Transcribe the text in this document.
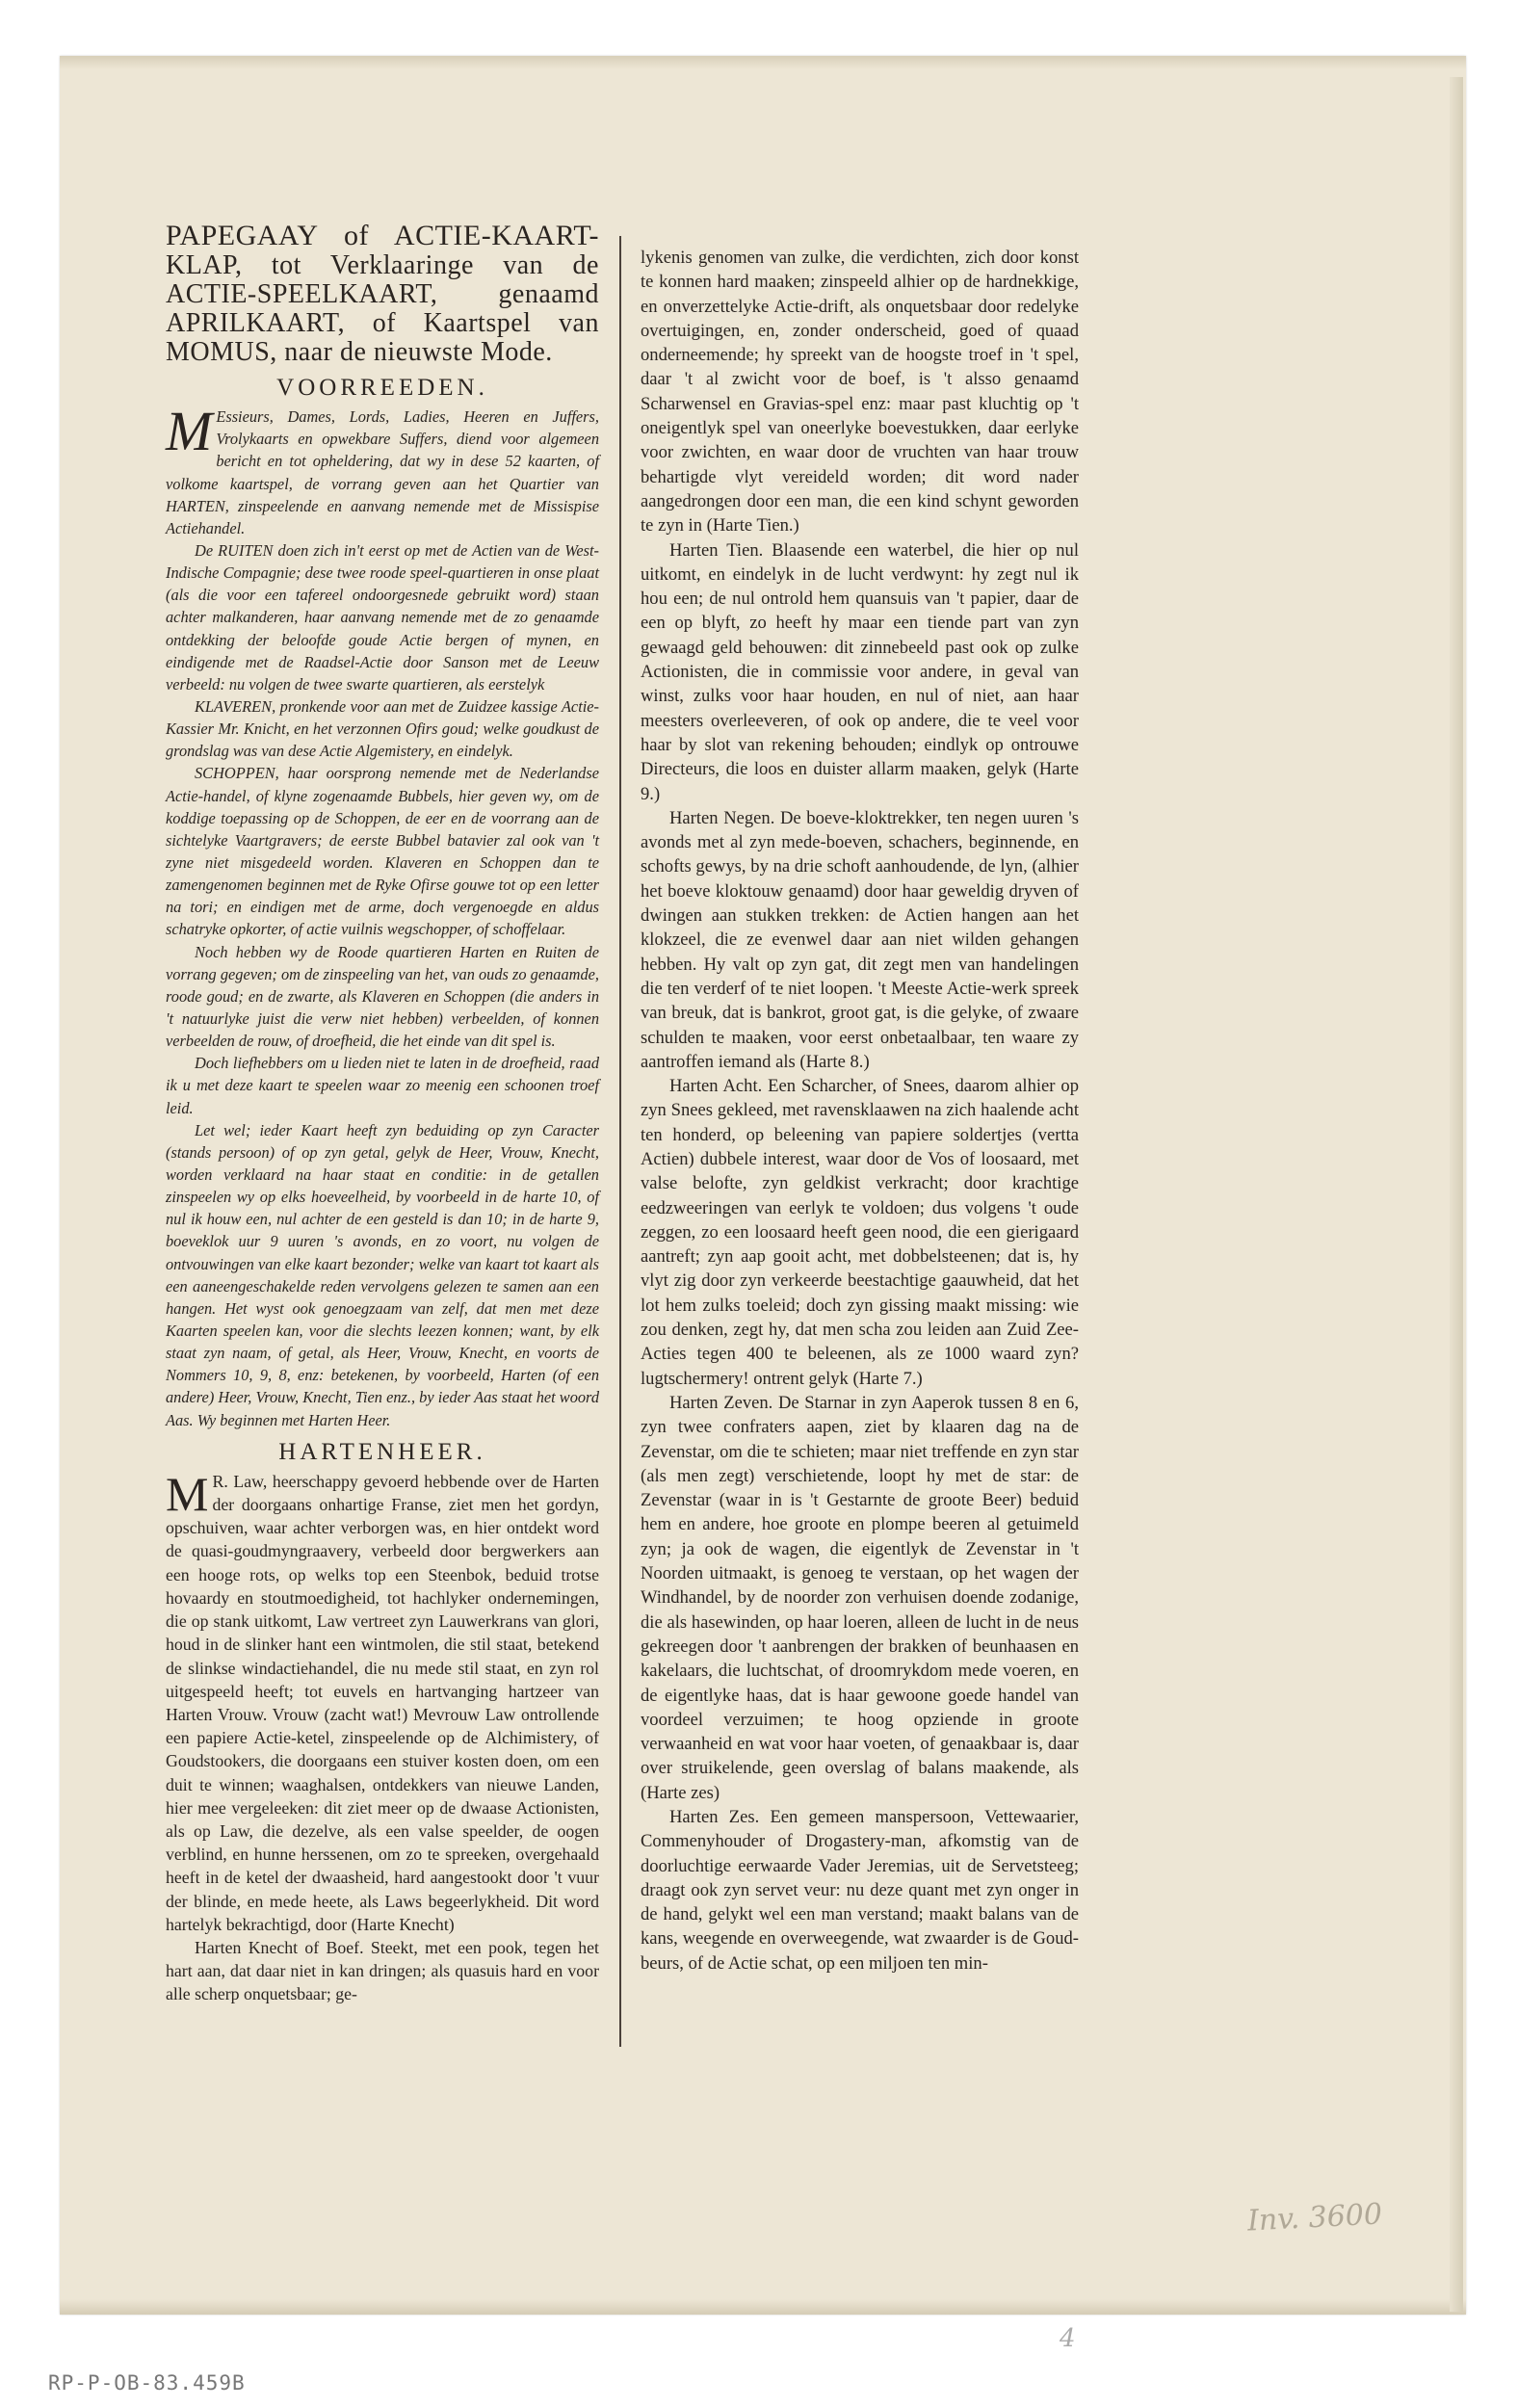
PAPEGAAY of ACTIE-KAART- KLAP, tot Verklaaringe van de ACTIE-SPEELKAART, genaamd APRILKAART, of Kaartspel van MOMUS, naar de nieuwste Mode.
VOORREEDEN.
M Essieurs, Dames, Lords, Ladies, Heeren en Juffers, Vrolykaarts en opwekbare Suffers, diend voor algemeen bericht en tot opheldering, dat wy in dese 52 kaarten, of volkome kaartspel, de vorrang geven aan het Quartier van HARTEN, zinspeelende en aanvang nemende met de Missispise Actiehandel.

De RUITEN doen zich in't eerst op met de Actien van de West-Indische Compagnie; dese twee roode speel-quartieren in onse plaat (als die voor een tafereel ondoorgesnede gebruikt word) staan achter malkanderen, haar aanvang nemende met de zo genaamde ontdekking der beloofde goude Actie bergen of mynen, en eindigende met de Raadsel-Actie door Sanson met de Leeuw verbeeld: nu volgen de twee swarte quartieren, als eerstelyk

KLAVEREN, pronkende voor aan met de Zuidzee kassige Actie-Kassier Mr. Knicht, en het verzonnen Ofirs goud; welke goudkust de grondslag was van dese Actie Algemistery, en eindelyk.

SCHOPPEN, haar oorsprong nemende met de Nederlandse Actie-handel, of klyne zogenaamde Bubbels, hier geven wy, om de koddige toepassing op de Schoppen, de eer en de voorrang aan de sichtelyke Vaartgravers; de eerste Bubbel batavier zal ook van 't zyne niet misgedeeld worden. Klaveren en Schoppen dan te zamengenomen beginnen met de Ryke Ofirse gouwe tot op een letter na tori; en eindigen met de arme, doch vergenoegde en aldus schatryke opkorter, of actie vuilnis wegschopper, of schoffelaar.

Noch hebben wy de Roode quartieren Harten en Ruiten de vorrang gegeven; om de zinspeeling van het, van ouds zo genaamde, roode goud; en de zwarte, als Klaveren en Schoppen (die anders in 't natuurlyke juist die verw niet hebben) verbeelden, of konnen verbeelden de rouw, of droefheid, die het einde van dit spel is.

Doch liefhebbers om u lieden niet te laten in de droefheid, raad ik u met deze kaart te speelen waar zo meenig een schoonen troef leid.

Let wel; ieder Kaart heeft zyn beduiding op zyn Caracter (stands persoon) of op zyn getal, gelyk de Heer, Vrouw, Knecht, worden verklaard na haar staat en conditie: in de getallen zinspeelen wy op elks hoeveelheid, by voorbeeld in de harte 10, of nul ik houw een, nul achter de een gesteld is dan 10; in de harte 9, boeveklok uur 9 uuren 's avonds, en zo voort, nu volgen de ontvouwingen van elke kaart bezonder; welke van kaart tot kaart als een aaneengeschakelde reden vervolgens gelezen te samen aan een hangen. Het wyst ook genoegzaam van zelf, dat men met deze Kaarten speelen kan, voor die slechts leezen konnen; want, by elk staat zyn naam, of getal, als Heer, Vrouw, Knecht, en voorts de Nommers 10, 9, 8, enz: betekenen, by voorbeeld, Harten (of een andere) Heer, Vrouw, Knecht, Tien enz., by ieder Aas staat het woord Aas. Wy beginnen met Harten Heer.

HARTENHEER.
M R. Law, heerschappy gevoerd hebbende over de Harten der doorgaans onhartige Franse, ziet men het gordyn, opschuiven, waar achter verborgen was, en hier ontdekt word de quasi-goudmyngraavery, verbeeld door bergwerkers aan een hooge rots, op welks top een Steenbok, beduid trotse hovaardy en stoutmoedigheid, tot hachlyker ondernemingen, die op stank uitkomt, Law vertreet zyn Lauwerkrans van glori, houd in de slinker hant een wintmolen, die stil staat, betekend de slinkse windactiehandel, die nu mede stil staat, en zyn rol uitgespeeld heeft; tot euvels en hartvanging hartzeer van Harten Vrouw. Vrouw (zacht wat!) Mevrouw Law ontrollende een papiere Actie-ketel, zinspeelende op de Alchimistery, of Goudstookers, die doorgaans een stuiver kosten doen, om een duit te winnen; waaghalsen, ontdekkers van nieuwe Landen, hier mee vergeleeken: dit ziet meer op de dwaase Actionisten, als op Law, die dezelve, als een valse speelder, de oogen verblind, en hunne herssenen, om zo te spreeken, overgehaald heeft in de ketel der dwaasheid, hard aangestookt door 't vuur der blinde, en mede heete, als Laws begeerlykheid. Dit word hartelyk bekrachtigd, door (Harte Knecht)

Harten Knecht of Boef. Steekt, met een pook, tegen het hart aan, dat daar niet in kan dringen; als quasuis hard en voor alle scherp onquetsbaar; ge-

lykenis genomen van zulke, die verdichten, zich door konst te konnen hard maaken; zinspeeld alhier op de hardnekkige, en onverzettelyke Actie-drift, als onquetsbaar door redelyke overtuigingen, en, zonder onderscheid, goed of quaad onderneemende; hy spreekt van de hoogste troef in 't spel, daar 't al zwicht voor de boef, is 't alsso genaamd Scharwensel en Gravias-spel enz: maar past kluchtig op 't oneigentlyk spel van oneerlyke boevestukken, daar eerlyke voor zwichten, en waar door de vruchten van haar trouw behartigde vlyt vereideld worden; dit word nader aangedrongen door een man, die een kind schynt geworden te zyn in (Harte Tien.)

Harten Tien. Blaasende een waterbel, die hier op nul uitkomt, en eindelyk in de lucht verdwynt: hy zegt nul ik hou een; de nul ontrold hem quansuis van 't papier, daar de een op blyft, zo heeft hy maar een tiende part van zyn gewaagd geld behouwen: dit zinnebeeld past ook op zulke Actionisten, die in commissie voor andere, in geval van winst, zulks voor haar houden, en nul of niet, aan haar meesters overleeveren, of ook op andere, die te veel voor haar by slot van rekening behouden; eindlyk op ontrouwe Directeurs, die loos en duister allarm maaken, gelyk (Harte 9.)

Harten Negen. De boeve-kloktrekker, ten negen uuren 's avonds met al zyn mede-boeven, schachers, beginnende, en schofts gewys, by na drie schoft aanhoudende, de lyn, (alhier het boeve kloktouw genaamd) door haar geweldig dryven of dwingen aan stukken trekken: de Actien hangen aan het klokzeel, die ze evenwel daar aan niet wilden gehangen hebben. Hy valt op zyn gat, dit zegt men van handelingen die ten verderf of te niet loopen. 't Meeste Actie-werk spreek van breuk, dat is bankrot, groot gat, is die gelyke, of zwaare schulden te maaken, voor eerst onbetaalbaar, ten waare zy aantroffen iemand als (Harte 8.)

Harten Acht. Een Scharcher, of Snees, daarom alhier op zyn Snees gekleed, met ravensklaawen na zich haalende acht ten honderd, op beleening van papiere soldertjes (vertta Actien) dubbele interest, waar door de Vos of loosaard, met valse belofte, zyn geldkist verkracht; door krachtige eedzweeringen van eerlyk te voldoen; dus volgens 't oude zeggen, zo een loosaard heeft geen nood, die een gierigaard aantreft; zyn aap gooit acht, met dobbelsteenen; dat is, hy vlyt zig door zyn verkeerde beestachtige gaauwheid, dat het lot hem zulks toeleid; doch zyn gissing maakt missing: wie zou denken, zegt hy, dat men scha zou leiden aan Zuid Zee-Acties tegen 400 te beleenen, als ze 1000 waard zyn? lugtschermery! ontrent gelyk (Harte 7.)

Harten Zeven. De Starnar in zyn Aaperok tussen 8 en 6, zyn twee confraters aapen, ziet by klaaren dag na de Zevenstar, om die te schieten; maar niet treffende en zyn star (als men zegt) verschietende, loopt hy met de star: de Zevenstar (waar in is 't Gestarnte de groote Beer) beduid hem en andere, hoe groote en plompe beeren al getuimeld zyn; ja ook de wagen, die eigentlyk de Zevenstar in 't Noorden uitmaakt, is genoeg te verstaan, op het wagen der Windhandel, by de noorder zon verhuisen doende zodanige, die als hasewinden, op haar loeren, alleen de lucht in de neus gekreegen door 't aanbrengen der brakken of beunhaasen en kakelaars, die luchtschat, of droomrykdom mede voeren, en de eigentlyke haas, dat is haar gewoone goede handel van voordeel verzuimen; te hoog opziende in groote verwaanheid en wat voor haar voeten, of genaakbaar is, daar over struikelende, geen overslag of balans maakende, als (Harte zes)

Harten Zes. Een gemeen manspersoon, Vettewaarier, Commenyhouder of Drogastery-man, afkomstig van de doorluchtige eerwaarde Vader Jeremias, uit de Servetsteeg; draagt ook zyn servet veur: nu deze quant met zyn onger in de hand, gelykt wel een man verstand; maakt balans van de kans, weegende en overweegende, wat zwaarder is de Goud-beurs, of de Actie schat, op een miljoen ten min-

Inv. 3600
4
RP-P-OB-83.459B
